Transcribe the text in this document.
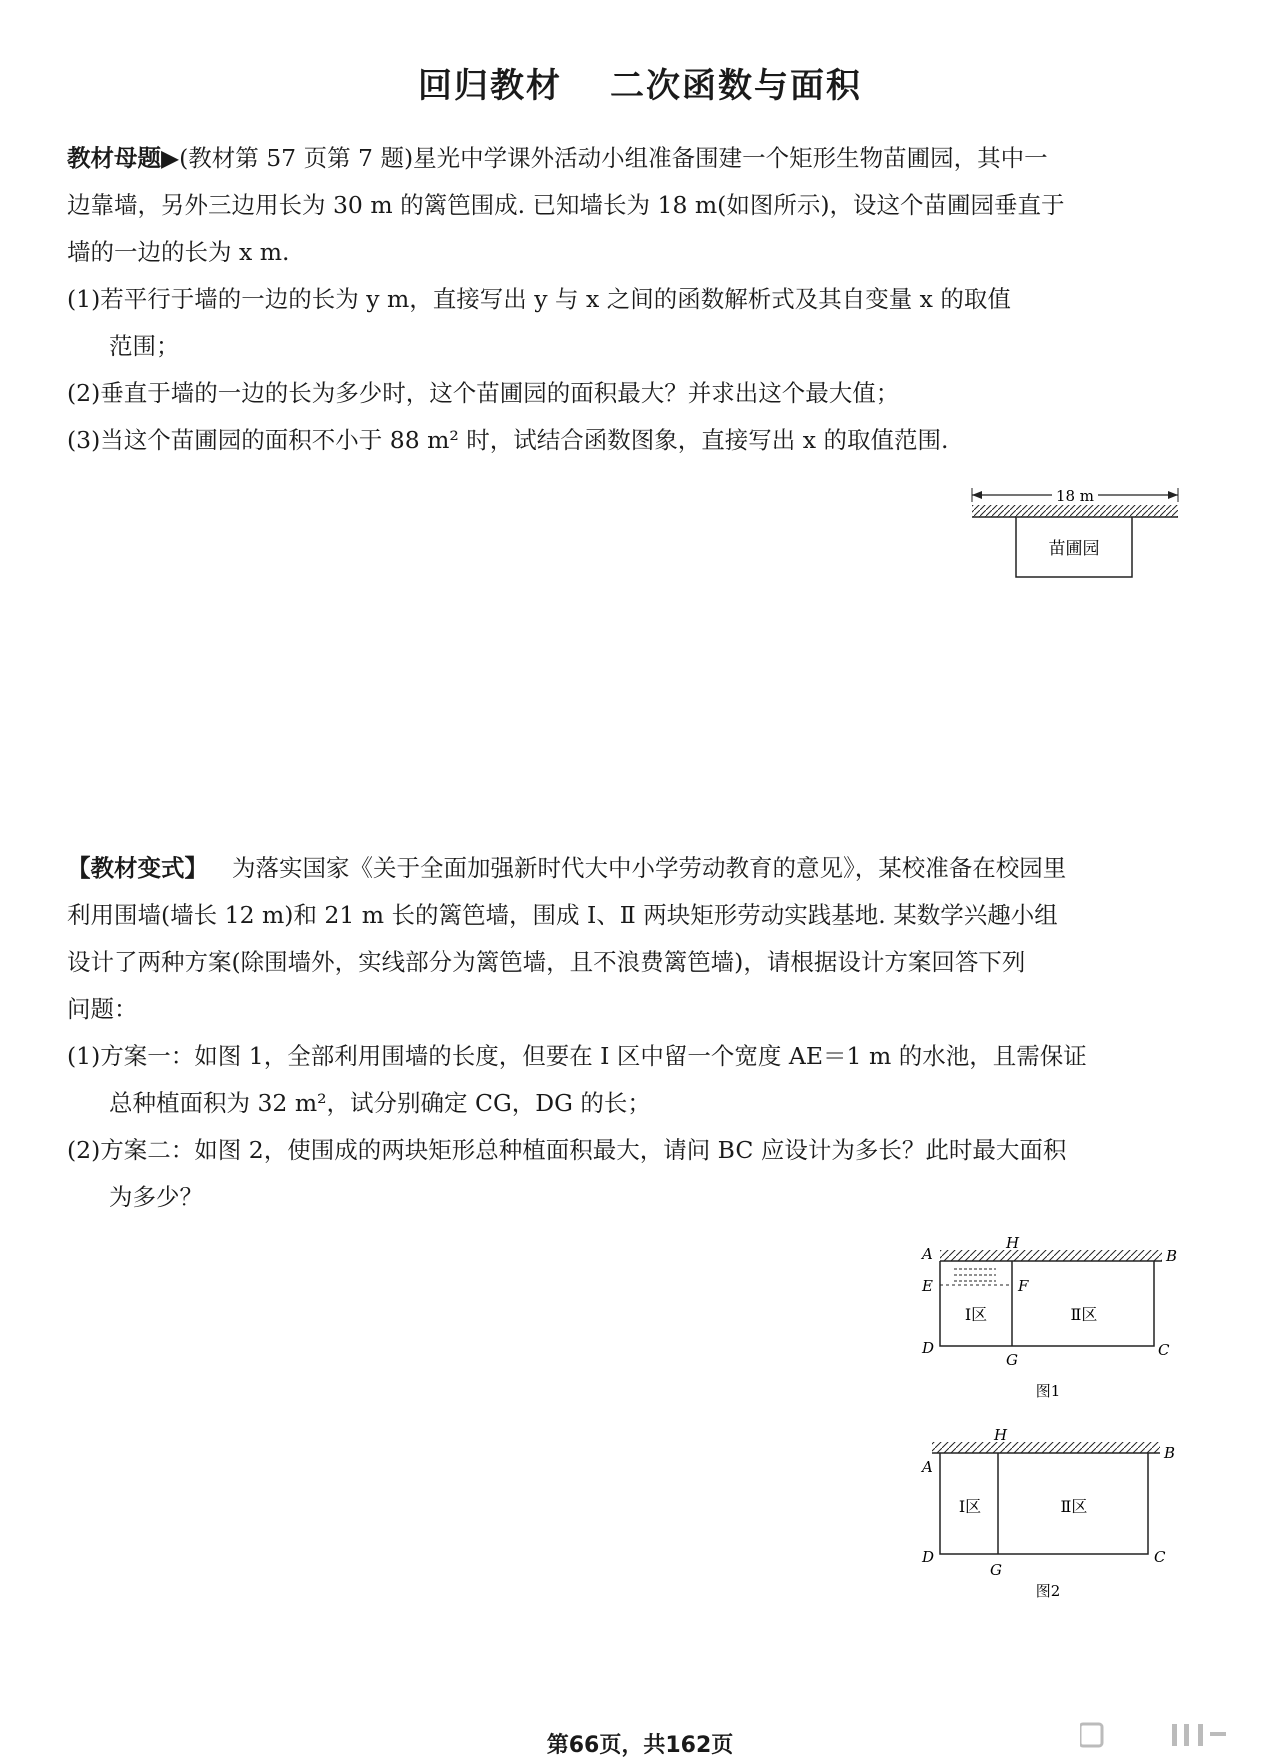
回归教材 二次函数与面积
教材母题▶(教材第 57 页第 7 题)星光中学课外活动小组准备围建一个矩形生物苗圃园，其中一
边靠墙，另外三边用长为 30 m 的篱笆围成. 已知墙长为 18 m(如图所示)，设这个苗圃园垂直于
墙的一边的长为 x m.
(1)若平行于墙的一边的长为 y m，直接写出 y 与 x 之间的函数解析式及其自变量 x 的取值
范围；
(2)垂直于墙的一边的长为多少时，这个苗圃园的面积最大？并求出这个最大值；
(3)当这个苗圃园的面积不小于 88 m² 时，试结合函数图象，直接写出 x 的取值范围.
18 m
苗圃园
【教材变式】 为落实国家《关于全面加强新时代大中小学劳动教育的意见》，某校准备在校园里
利用围墙(墙长 12 m)和 21 m 长的篱笆墙，围成 Ⅰ、Ⅱ 两块矩形劳动实践基地. 某数学兴趣小组
设计了两种方案(除围墙外，实线部分为篱笆墙，且不浪费篱笆墙)，请根据设计方案回答下列
问题：
(1)方案一：如图 1，全部利用围墙的长度，但要在 Ⅰ 区中留一个宽度 AE＝1 m 的水池，且需保证
总种植面积为 32 m²，试分别确定 CG，DG 的长；
(2)方案二：如图 2，使围成的两块矩形总种植面积最大，请问 BC 应设计为多长？此时最大面积
为多少？
A
H
B
E	F
D
G
C
Ⅰ区	Ⅱ区
图1
H
A
B
D
G
C
Ⅰ区	Ⅱ区
图2
第66页，共162页
